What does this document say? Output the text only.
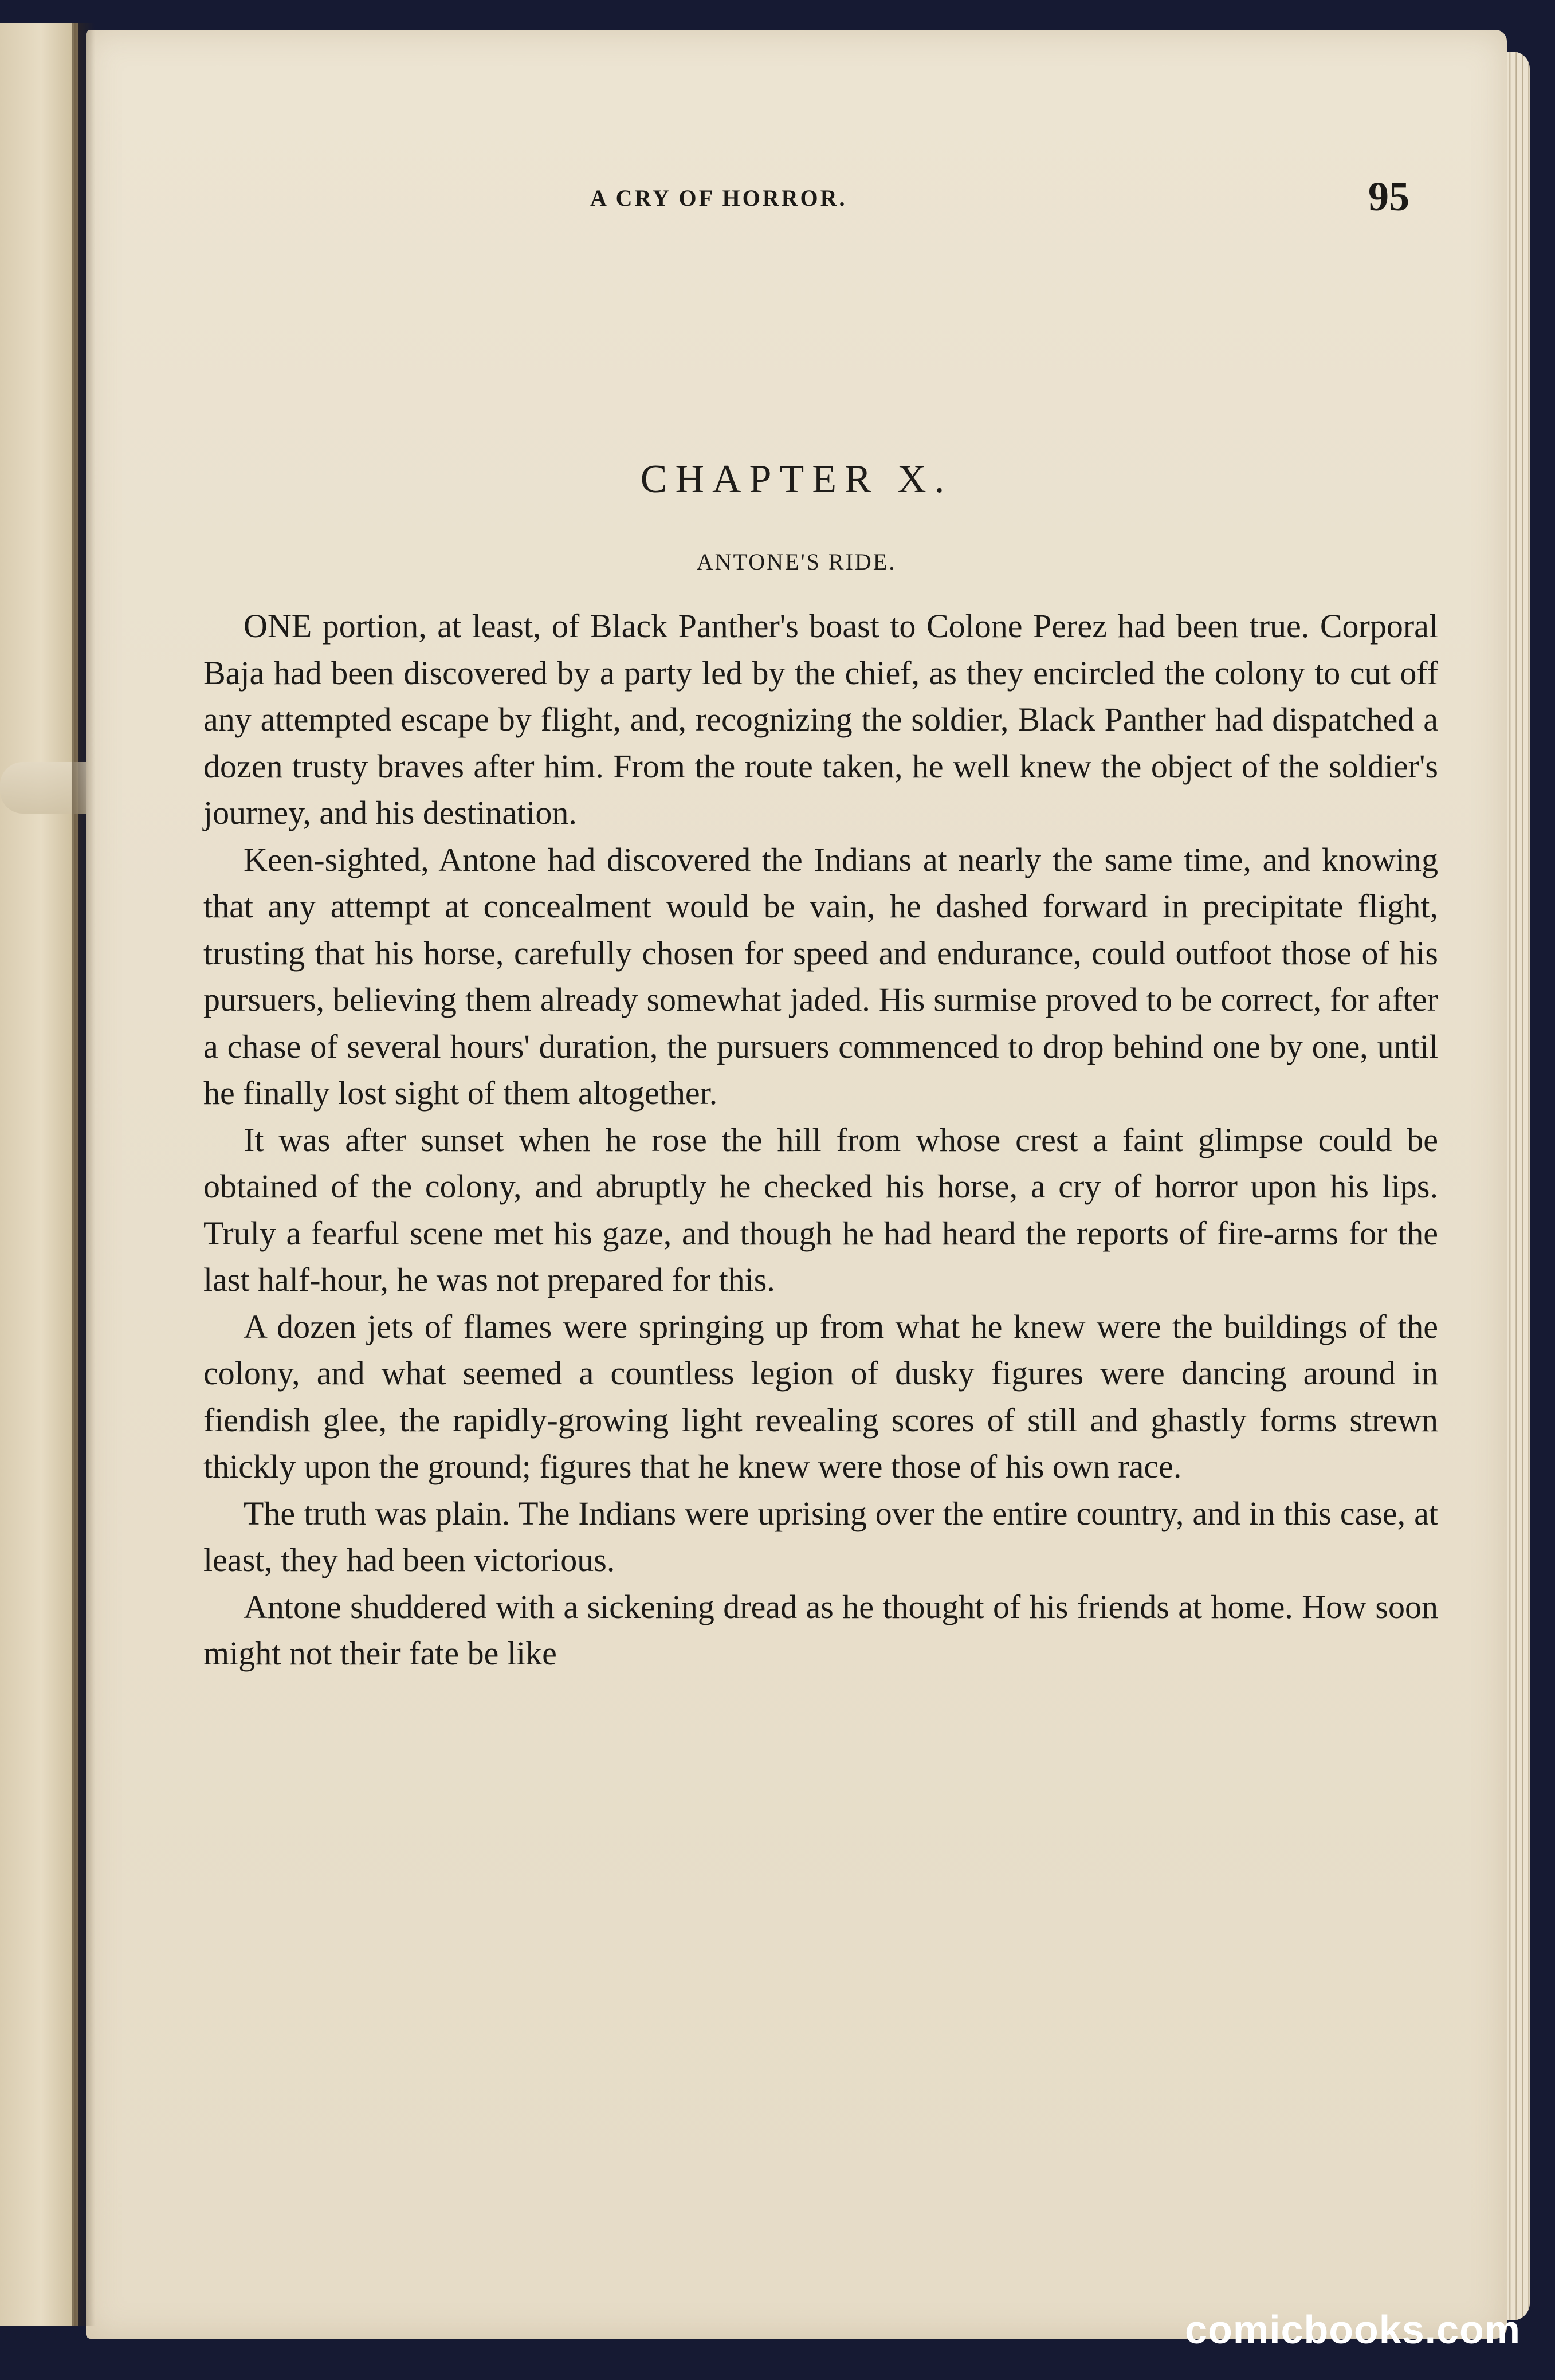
A CRY OF HORROR.	95
CHAPTER X.
ANTONE'S RIDE.

ONE portion, at least, of Black Panther's boast to Colone Perez had been true. Corporal Baja had been discovered by a party led by the chief, as they encircled the colony to cut off any attempted escape by flight, and, recognizing the soldier, Black Panther had dispatched a dozen trusty braves after him. From the route taken, he well knew the object of the soldier's journey, and his destination.

Keen-sighted, Antone had discovered the Indians at nearly the same time, and knowing that any attempt at concealment would be vain, he dashed forward in precipitate flight, trusting that his horse, carefully chosen for speed and endurance, could outfoot those of his pursuers, believing them already somewhat jaded. His surmise proved to be correct, for after a chase of several hours' duration, the pursuers commenced to drop behind one by one, until he finally lost sight of them altogether.

It was after sunset when he rose the hill from whose crest a faint glimpse could be obtained of the colony, and abruptly he checked his horse, a cry of horror upon his lips. Truly a fearful scene met his gaze, and though he had heard the reports of fire-arms for the last half-hour, he was not prepared for this.

A dozen jets of flames were springing up from what he knew were the buildings of the colony, and what seemed a countless legion of dusky figures were dancing around in fiendish glee, the rapidly-growing light revealing scores of still and ghastly forms strewn thickly upon the ground; figures that he knew were those of his own race.

The truth was plain. The Indians were uprising over the entire country, and in this case, at least, they had been victorious.

Antone shuddered with a sickening dread as he thought of his friends at home. How soon might not their fate be like

comicbooks.com
